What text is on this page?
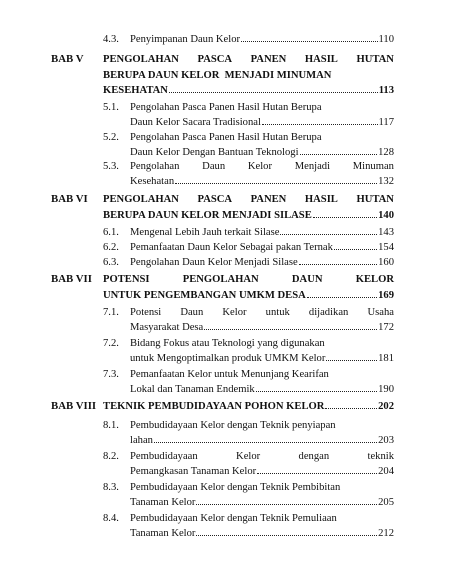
4.3. Penyimpanan Daun Kelor	110
BAB V PENGOLAHAN PASCA PANEN HASIL HUTAN
BERUPA DAUN KELOR  MENJADI MINUMAN
KESEHATAN	113
5.1. Pengolahan Pasca Panen Hasil Hutan Berupa
Daun Kelor Sacara Tradisional	117
5.2. Pengolahan Pasca Panen Hasil Hutan Berupa
Daun Kelor Dengan Bantuan Teknologi	128
5.3. Pengolahan Daun Kelor Menjadi Minuman
Kesehatan	132
BAB VI PENGOLAHAN PASCA PANEN HASIL HUTAN
BERUPA DAUN KELOR MENJADI SILASE	140
6.1. Mengenal Lebih Jauh terkait Silase	143
6.2. Pemanfaatan Daun Kelor Sebagai pakan Ternak	154
6.3. Pengolahan Daun Kelor Menjadi Silase	160
BAB VII POTENSI	PENGOLAHAN	DAUN	KELOR
UNTUK PENGEMBANGAN UMKM DESA	169
7.1. Potensi Daun Kelor untuk dijadikan Usaha
Masyarakat Desa	172
7.2. Bidang Fokus atau Teknologi yang digunakan
untuk Mengoptimalkan produk UMKM Kelor	181
7.3. Pemanfaatan Kelor untuk Menunjang Kearifan
Lokal dan Tanaman Endemik	190
BAB VIII TEKNIK PEMBUDIDAYAAN POHON KELOR	202
8.1. Pembudidayaan Kelor dengan Teknik penyiapan
lahan	203
8.2. Pembudidayaan	Kelor	dengan	teknik
Pemangkasan Tanaman Kelor	204
8.3. Pembudidayaan Kelor dengan Teknik Pembibitan
Tanaman Kelor	205
8.4. Pembudidayaan Kelor dengan Teknik Pemuliaan
Tanaman Kelor	212
